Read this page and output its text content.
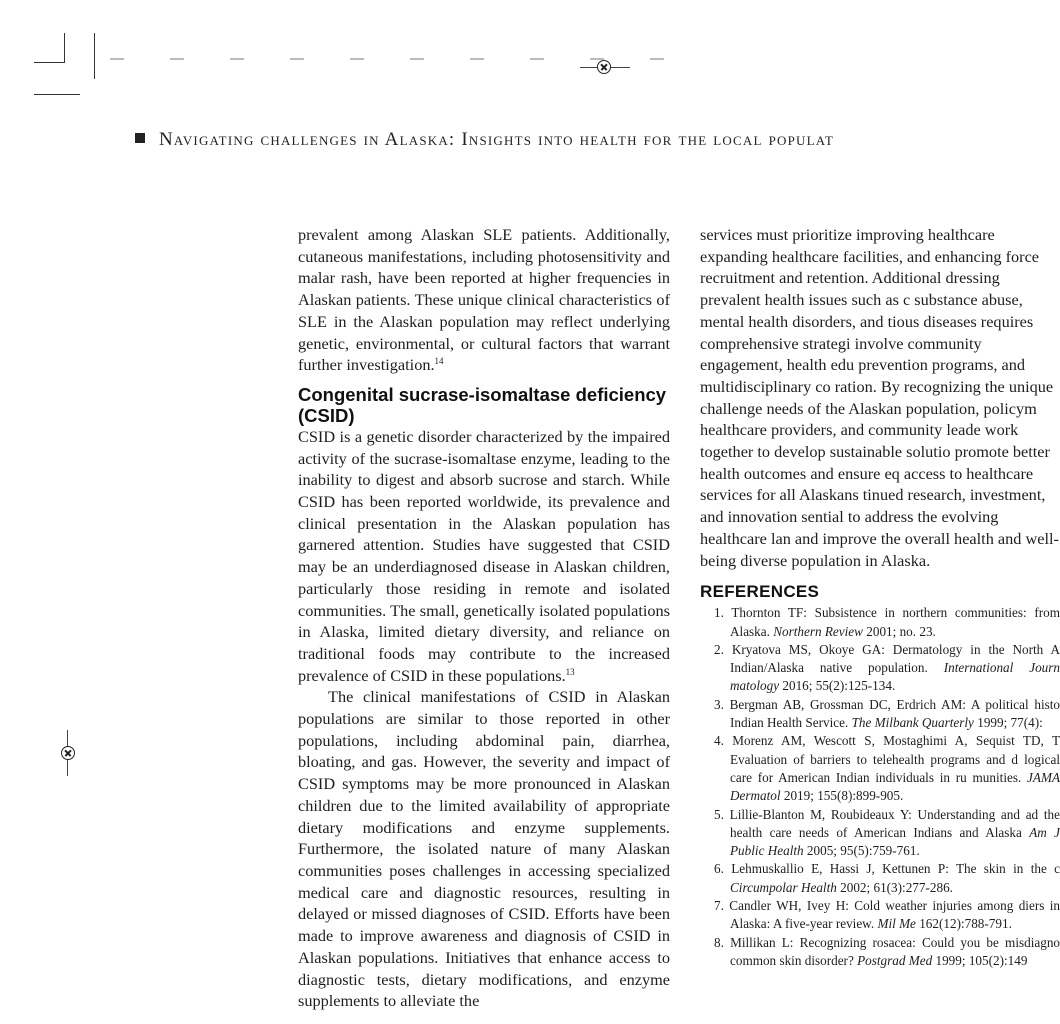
Navigating challenges in Alaska: Insights into health for the local populat

prevalent among Alaskan SLE patients. Additionally, cutaneous manifestations, including photosensitivity and malar rash, have been reported at higher frequencies in Alaskan patients. These unique clinical characteristics of SLE in the Alaskan population may reflect underlying genetic, environmental, or cultural factors that warrant further investigation.$^{14}$

Congenital sucrase-isomaltase deficiency (CSID)

CSID is a genetic disorder characterized by the impaired activity of the sucrase-isomaltase enzyme, leading to the inability to digest and absorb sucrose and starch. While CSID has been reported worldwide, its prevalence and clinical presentation in the Alaskan population has garnered attention. Studies have suggested that CSID may be an underdiagnosed disease in Alaskan children, particularly those residing in remote and isolated communities. The small, genetically isolated populations in Alaska, limited dietary diversity, and reliance on traditional foods may contribute to the increased prevalence of CSID in these populations.$^{13}$

The clinical manifestations of CSID in Alaskan populations are similar to those reported in other populations, including abdominal pain, diarrhea, bloating, and gas. However, the severity and impact of CSID symptoms may be more pronounced in Alaskan children due to the limited availability of appropriate dietary modifications and enzyme supplements. Furthermore, the isolated nature of many Alaskan communities poses challenges in accessing specialized medical care and diagnostic resources, resulting in delayed or missed diagnoses of CSID. Efforts have been made to improve awareness and diagnosis of CSID in Alaskan populations. Initiatives that enhance access to diagnostic tests, dietary modifications, and enzyme supplements to alleviate the

services must prioritize improving healthcare expanding healthcare facilities, and enhancing force recruitment and retention. Additional dressing prevalent health issues such as c substance abuse, mental health disorders, and tious diseases requires comprehensive strategi involve community engagement, health edu prevention programs, and multidisciplinary co ration. By recognizing the unique challenge needs of the Alaskan population, policym healthcare providers, and community leade work together to develop sustainable solutio promote better health outcomes and ensure eq access to healthcare services for all Alaskans tinued research, investment, and innovation sential to address the evolving healthcare lan and improve the overall health and well-being diverse population in Alaska.

REFERENCES

1. Thornton TF: Subsistence in northern communities: from Alaska. Northern Review 2001; no. 23.

2. Kryatova MS, Okoye GA: Dermatology in the North A Indian/Alaska native population. International Journ matology 2016; 55(2):125-134.

3. Bergman AB, Grossman DC, Erdrich AM: A political histo Indian Health Service. The Milbank Quarterly 1999; 77(4):

4. Morenz AM, Wescott S, Mostaghimi A, Sequist TD, T Evaluation of barriers to telehealth programs and d logical care for American Indian individuals in ru munities. JAMA Dermatol 2019; 155(8):899-905.

5. Lillie-Blanton M, Roubideaux Y: Understanding and ad the health care needs of American Indians and Alaska Am J Public Health 2005; 95(5):759-761.

6. Lehmuskallio E, Hassi J, Kettunen P: The skin in the c Circumpolar Health 2002; 61(3):277-286.

7. Candler WH, Ivey H: Cold weather injuries among diers in Alaska: A five-year review. Mil Me 162(12):788-791.

8. Millikan L: Recognizing rosacea: Could you be misdiagno common skin disorder? Postgrad Med 1999; 105(2):149
